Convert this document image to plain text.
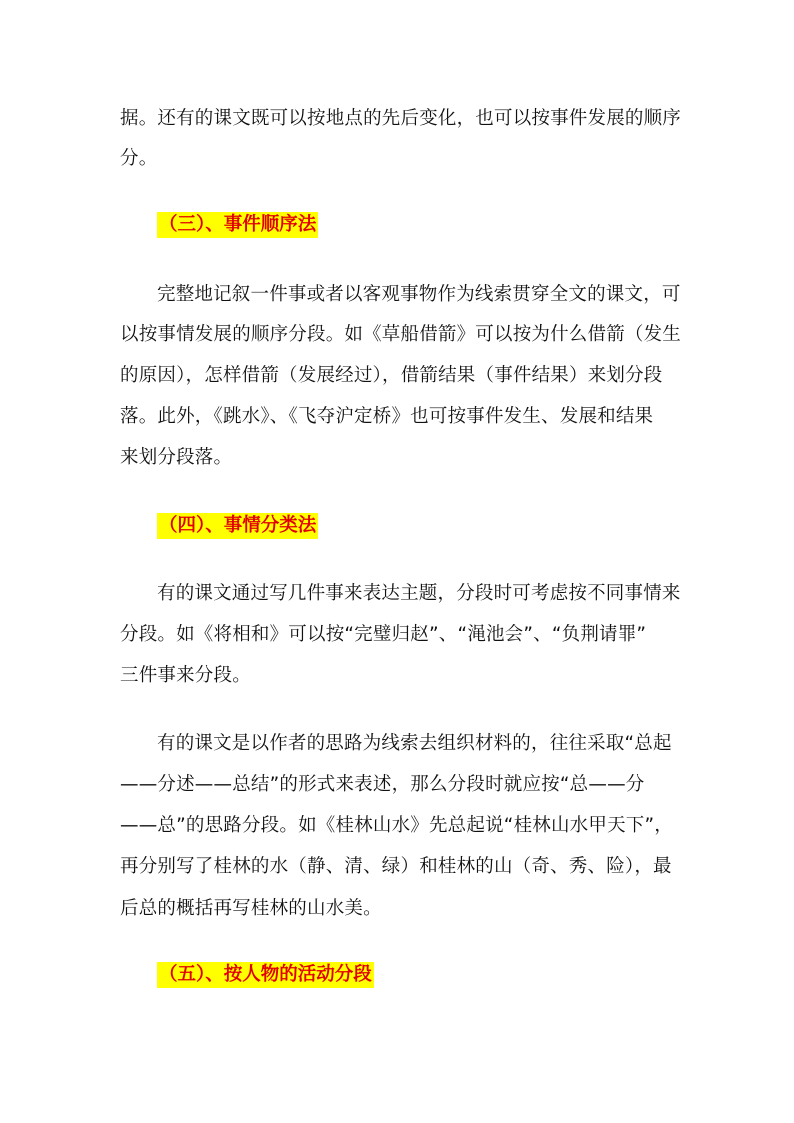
据。还有的课文既可以按地点的先后变化，也可以按事件发展的顺序
分。
（三）、事件顺序法
完整地记叙一件事或者以客观事物作为线索贯穿全文的课文，可
以按事情发展的顺序分段。如《草船借箭》可以按为什么借箭（发生
的原因），怎样借箭（发展经过），借箭结果（事件结果）来划分段
落。此外，《跳水》、《飞夺沪定桥》也可按事件发生、发展和结果
来划分段落。
（四）、事情分类法
有的课文通过写几件事来表达主题，分段时可考虑按不同事情来
分段。如《将相和》可以按“完璧归赵”、“渑池会”、“负荆请罪”
三件事来分段。
有的课文是以作者的思路为线索去组织材料的，往往采取“总起
——分述——总结”的形式来表述，那么分段时就应按“总——分
——总”的思路分段。如《桂林山水》先总起说“桂林山水甲天下”，
再分别写了桂林的水（静、清、绿）和桂林的山（奇、秀、险），最
后总的概括再写桂林的山水美。
（五）、按人物的活动分段
